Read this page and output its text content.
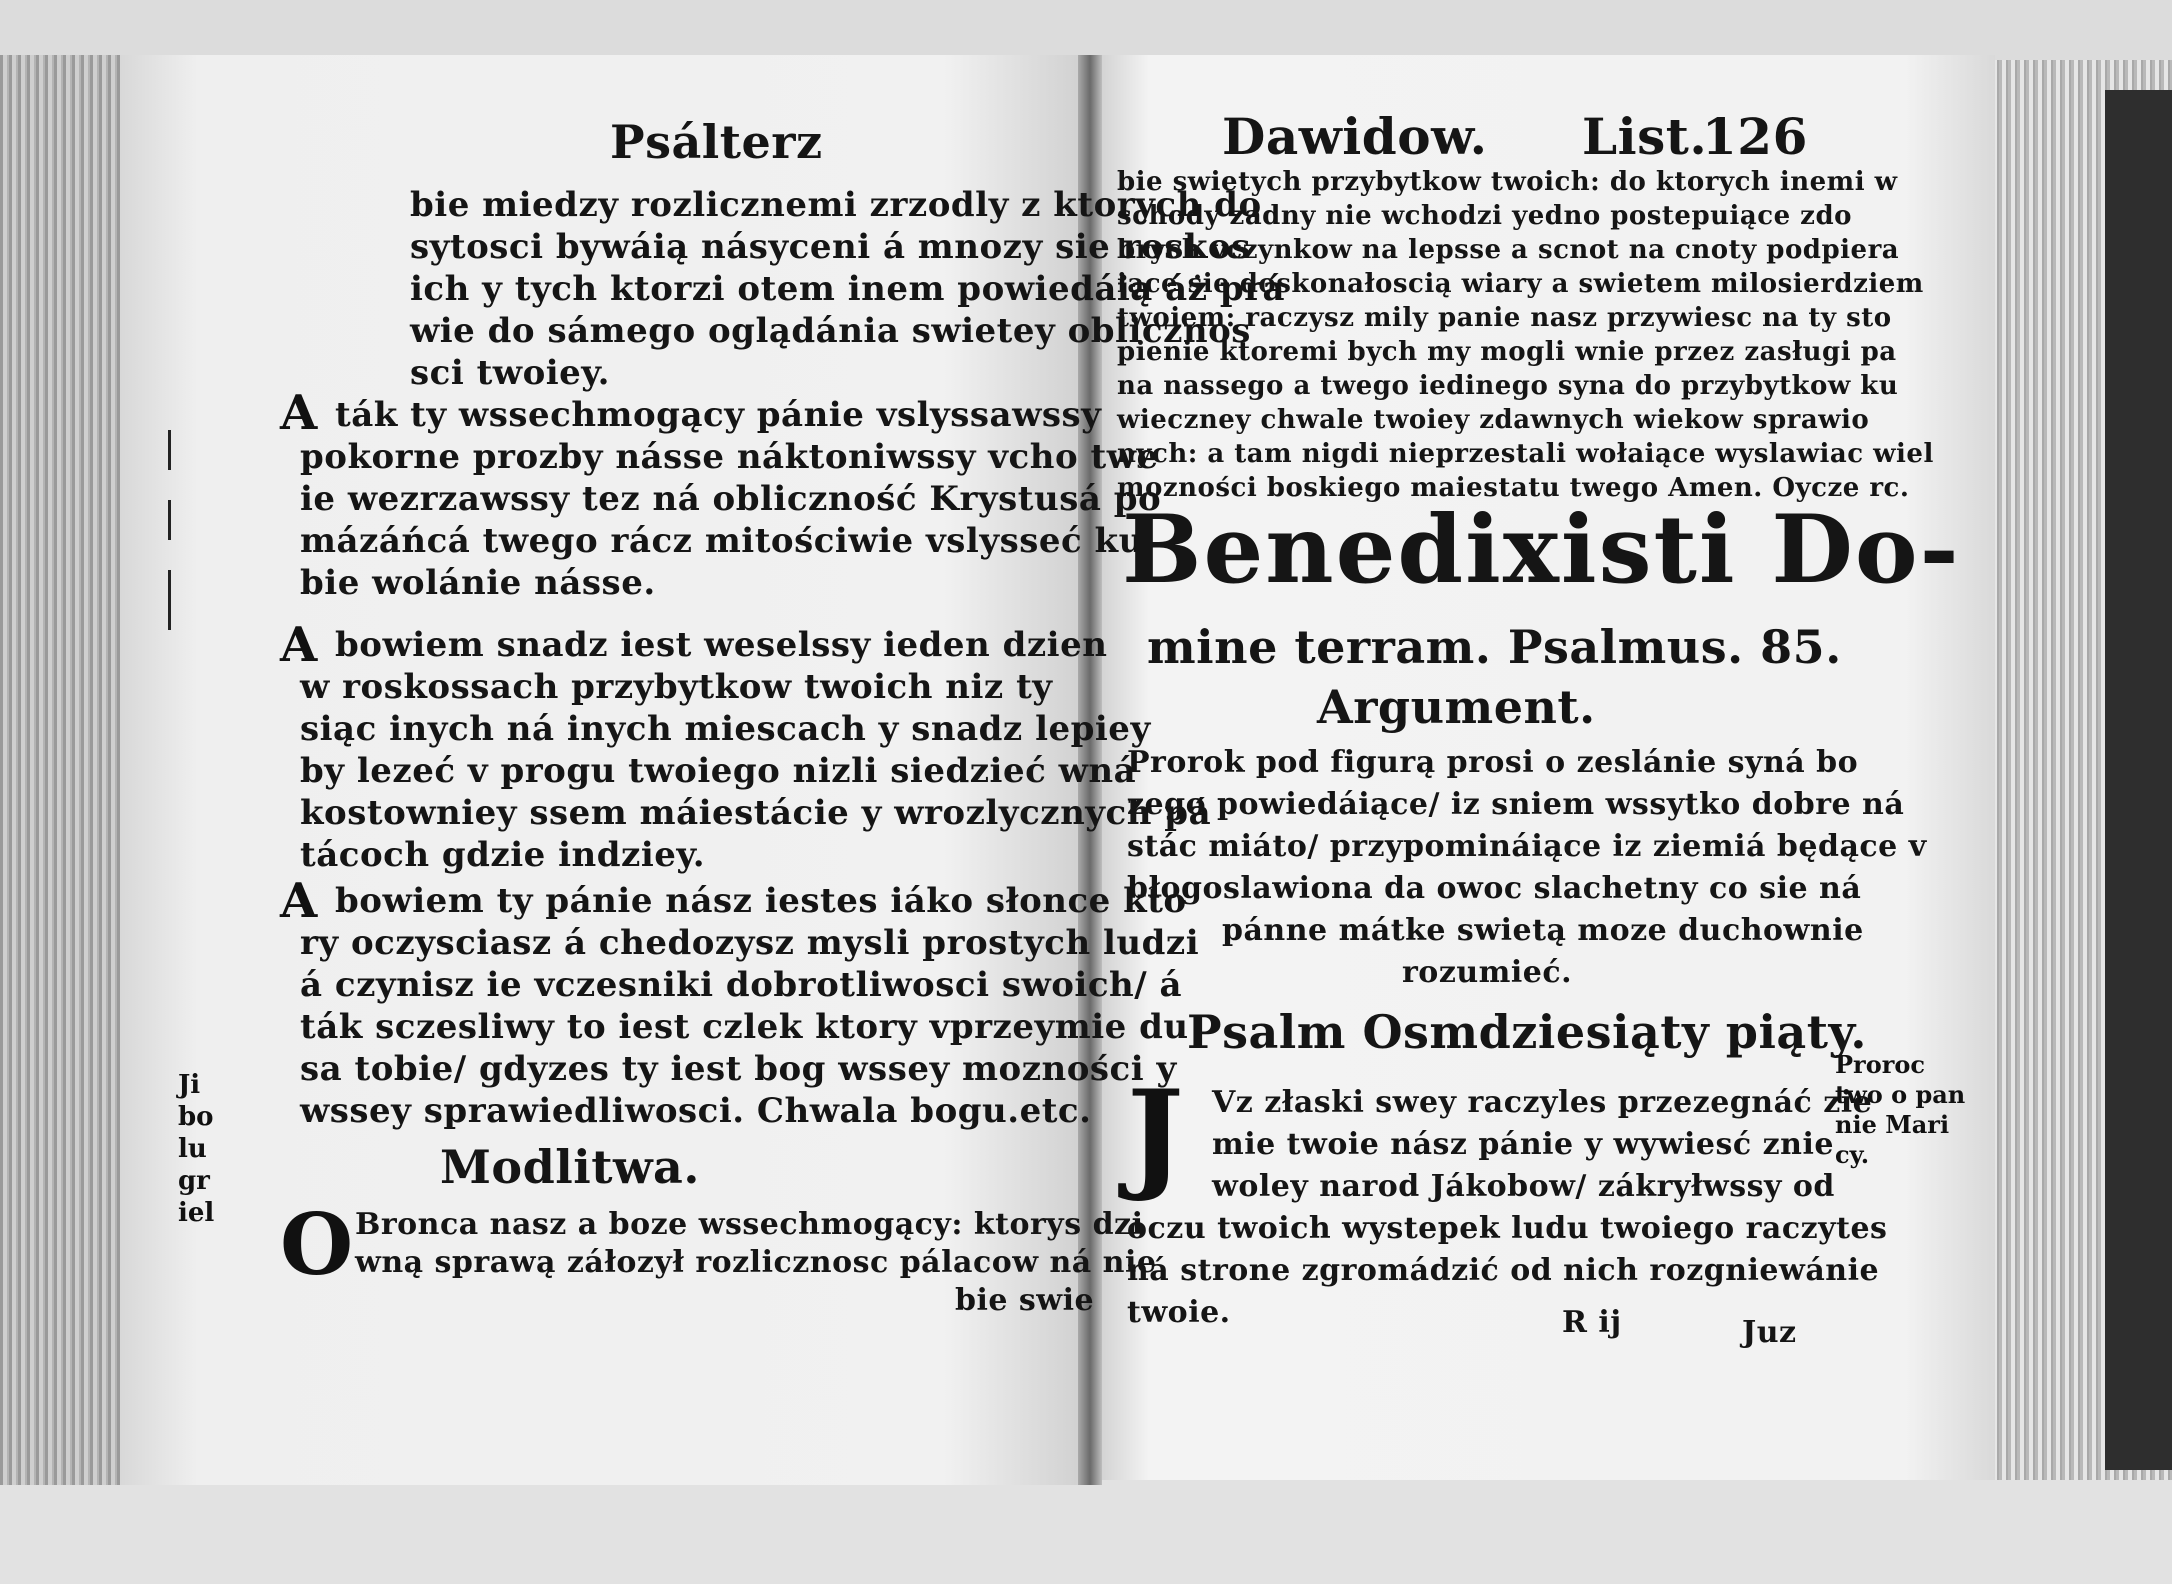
Psálterz
bie miedzy rozlicznemi zrzodly z ktorych do
sytosci bywáią násyceni á mnozy sie roskos
ich y tych ktorzi otem inem powiedáią áż prá
wie do sámego oglądánia swietey oblicznos
sci twoiey.
A ták ty wssechmogący pánie vslyssawssy
pokorne prozby násse náktoniwssy vcho twe
ie wezrzawssy tez ná obliczność Krystusá po
mázáńcá twego rácz mitościwie vslysseć ku
bie wolánie násse.
A bowiem snadz iest weselssy ieden dzien
w roskossach przybytkow twoich niz ty
siąc inych ná inych miescach y snadz lepiey
by lezeć v progu twoiego nizli siedzieć wná
kostowniey ssem máiestácie y wrozlycznych pá
tácoch gdzie indziey.
A bowiem ty pánie nász iestes iáko słonce kto
ry oczysciasz á chedozysz mysli prostych ludzi
á czynisz ie vczesniki dobrotliwosci swoich/ á
ták sczesliwy to iest czlek ktory vprzeymie du
sa tobie/ gdyzes ty iest bog wssey mozności y
wssey sprawiedliwosci. Chwala bogu.etc.
Modlitwa.
O Bronca nasz a boze wssechmogący: ktorys dzi
wną sprawą záłozył rozlicznosc pálacow ná nie
bie swie
Ji
bo
lu
gr
iel
Dawidow. List.
126
bie swietych przybytkow twoich: do ktorych inemi w
schody zadny nie wchodzi yedno postepuiące zdo
brych vczynkow na lepsse a scnot na cnoty podpiera
iące sie doskonałoscią wiary a swietem milosierdziem
twoiem: raczysz mily panie nasz przywiesc na ty sto
pienie ktoremi bych my mogli wnie przez zasługi pa
na nassego a twego iedinego syna do przybytkow ku
wieczney chwale twoiey zdawnych wiekow sprawio
nych: a tam nigdi nieprzestali wołaiące wyslawiac wiel
mozności boskiego maiestatu twego Amen. Oycze rc.
Benedixisti Do-
mine terram. Psalmus. 85.
Argument.
Prorok pod figurą prosi o zeslánie syná bo
zego powiedáiące/ iz sniem wssytko dobre ná
stác miáto/ przypomináiące iz ziemiá będące v
błogoslawiona da owoc slachetny co sie ná
pánne mátke swietą moze duchownie
rozumieć.
Psalm Osmdziesiąty piąty.
J Vz złaski swey raczyles przezegnáć zie
mie twoie nász pánie y wywiesć znie
woley narod Jákobow/ zákryłwssy od
oczu twoich wystepek ludu twoiego raczytes
ná strone zgromádzić od nich rozgniewánie
twoie.	R ij	Juz
Proroc
two o pan
nie Mari
cy.
